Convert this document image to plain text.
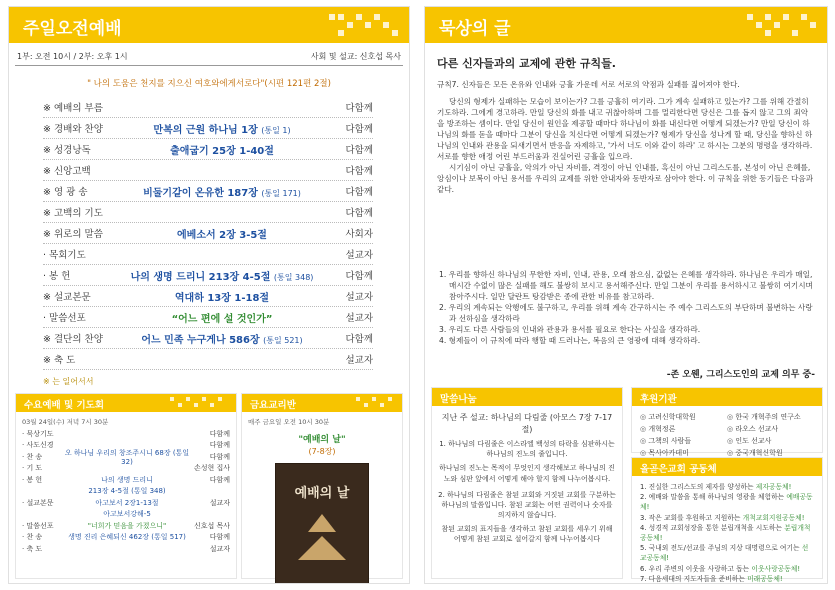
주일오전예배
1부: 오전 10시 / 2부: 오후 1시	사회 및 설교: 신호섭 목사
" 나의 도움은 천지를 지으신 여호와에게서로다"(시편 121편 2절)
※ 예배의 부름	다함께
※ 경배와 찬양	만복의 근원 하나님 1장 (통일 1)	다함께
※ 성경낭독	출애굽기 25장 1-40절	다함께
※ 신앙고백	다함께
※ 영 광 송	비둘기같이 온유한 187장 (통일 171)	다함께
※ 고백의 기도	다함께
※ 위로의 말씀	에베소서 2장 3-5절	사회자
· 목회기도	설교자
· 봉 헌	나의 생명 드리니 213장 4-5절 (통일 348)	다함께
※ 설교본문	역대하 13장 1-18절	설교자
· 말씀선포	“어느 편에 설 것인가”	설교자
※ 결단의 찬양	어느 민족 누구게나 586장 (통일 521)	다함께
※ 축 도	설교자
※ 는 일어서서
수요예배 및 기도회
03월 24일(수) 저녁 7시 30분
· 묵상기도	다함께
· 사도신경	다함께
· 찬 송	오 하나님 우리의 창조주시니 68장 (통일 32)
다함께
· 기 도	손성현 집사
· 봉 헌	나의 생명 드리니	다함께
213장 4-5절 (통일 348)
· 설교본문	아고보서 2장1-13절	설교자
아고보서강해-5
· 말씀선포	"너희가 믿음을 가졌으니"	신호섭 목사
· 찬 송	생명 진리 은혜되신 462장 (통일 517)	다함께
· 축 도	설교자
금요교리반
매주 금요일 오전 10시 30분
"예배의 날"
(7-8장)
예배의 날
묵상의 글
다른 신자들과의 교제에 관한 규칙들.

규칙7. 신자들은 모든 온유와 인내와 긍휼 가운데 서로 서로의 약점과 실패를 짊어져야 한다.

당신의 형제가 실패하는 모습이 보이는가? 그를 긍휼히 여기라. 그가 계속 실패하고 있는가? 그를 위해 간절히 기도하라. 그에게 경고하라. 만일 당신의 화를 내고 귀찮아하며 그를 멀리한다면 당신은 그를 돕지 않고 그의 죄악을 방조하는 셈이다. 만일 당신이 원인을 제공할 때마다 하나님이 화를 내신다면 어떻게 되겠는가? 만일 당신이 하나님의 화를 돋을 때마다 그분이 당신을 치신다면 어떻게 되겠는가? 형제가 당신을 성나게 할 때, 당신을 향하신 하나님의 인내와 관용을 되새기면서 반응을 자제하고, '가서 너도 이와 같이 하라' 고 하시는 그분의 명령을 생각하라. 서로를 향한 애정 어린 부드러움과 진실어린 긍휼을 입으라.

시기심이 아닌 긍휼을, 악의가 아닌 자비를, 격정이 아닌 인내를, 흑신이 아닌 그리스도를, 본성이 아닌 은혜를, 앙심이나 보복이 아닌 용서를 우리의 교제를 위한 안내자와 동반자로 삼아야 한다. 이 규칙을 위한 동기들은 다음과 같다.

1. 우리를 향하신 하나님의 무한한 자비, 인내, 관용, 오래 참으심, 값없는 은혜를 생각하라. 하나님은 우리가 매일, 매시간 수없이 많은 실패를 해도 불쌍히 보시고 용서해주신다. 만일 그분이 우리를 용서하시고 불쌍히 여기시며 참아주시다. 일만 달란트 탕감받은 종에 관한 비유를 참고하라.
2. 우리의 계속되는 악행에도 불구하고, 우리를 위해 계속 간구하시는 주 예수 그리스도의 부단하며 불변하는 사랑과 선하심을 생각하라
3. 우리도 다른 사람들의 인내와 관용과 용서를 필요로 한다는 사실을 생각하라.
4. 형제들이 이 규칙에 따라 행할 때 드러나는, 복음의 큰 영광에 대해 생각하라.
-존 오웬, 그리스도인의 교제 의무 중-
말씀나눔
지난 주 설교: 하나님의 다림줄 (아모스 7장 7-17절)
1. 하나님의 다림줄은 이스라엘 백성의 타락을 심판하시는 하나님의 진노의 줄입니다.
하나님의 진노는 목적이 무엇인지 생각해보고 하나님의 진노와 심판 앞에서 어떻게 해야 할지 함께 나누어봅시다.
2. 하나님의 다림줄은 참된 교회와 거짓된 교회를 구분하는 하나님의 말씀입니다. 참된 교회는 어떤 권력이나 숫자를 의지하지 않습니다.
참된 교회의 표지들을 생각하고 참된 교회를 세우기 위해 어떻게 참된 교회로 설어갈지 함께 나누어봅시다
후원기관
◎ 고려신학대학원	◎ 한국 개혁주의 연구소
◎ 개혁정론	◎ 라오스 선교사
◎ 그책의 사람들	◎ 인도 선교사
◎ 목사아카데미	◎ 중국개혁신학원
올곧은교회 공동체
1. 진실한 그리스도의 제자를 양성하는 제자공동체!
2. 예배와 말씀을 통해 하나님의 영광을 체험하는 예배공동체!
3. 작은 교회를 후원하고 지원하는 개척교회지원공동체!
4. 성경적 교회성장을 통한 분립개척을 시도하는 분립개척공동체!
5. 국내외 전도/선교를 주님의 지상 대명령으로 여기는 선교공동체!
6. 우리 주변의 이웃을 사랑하고 돕는 이웃사랑공동체!
7. 다음세대의 지도자들을 준비하는 미래공동체!
